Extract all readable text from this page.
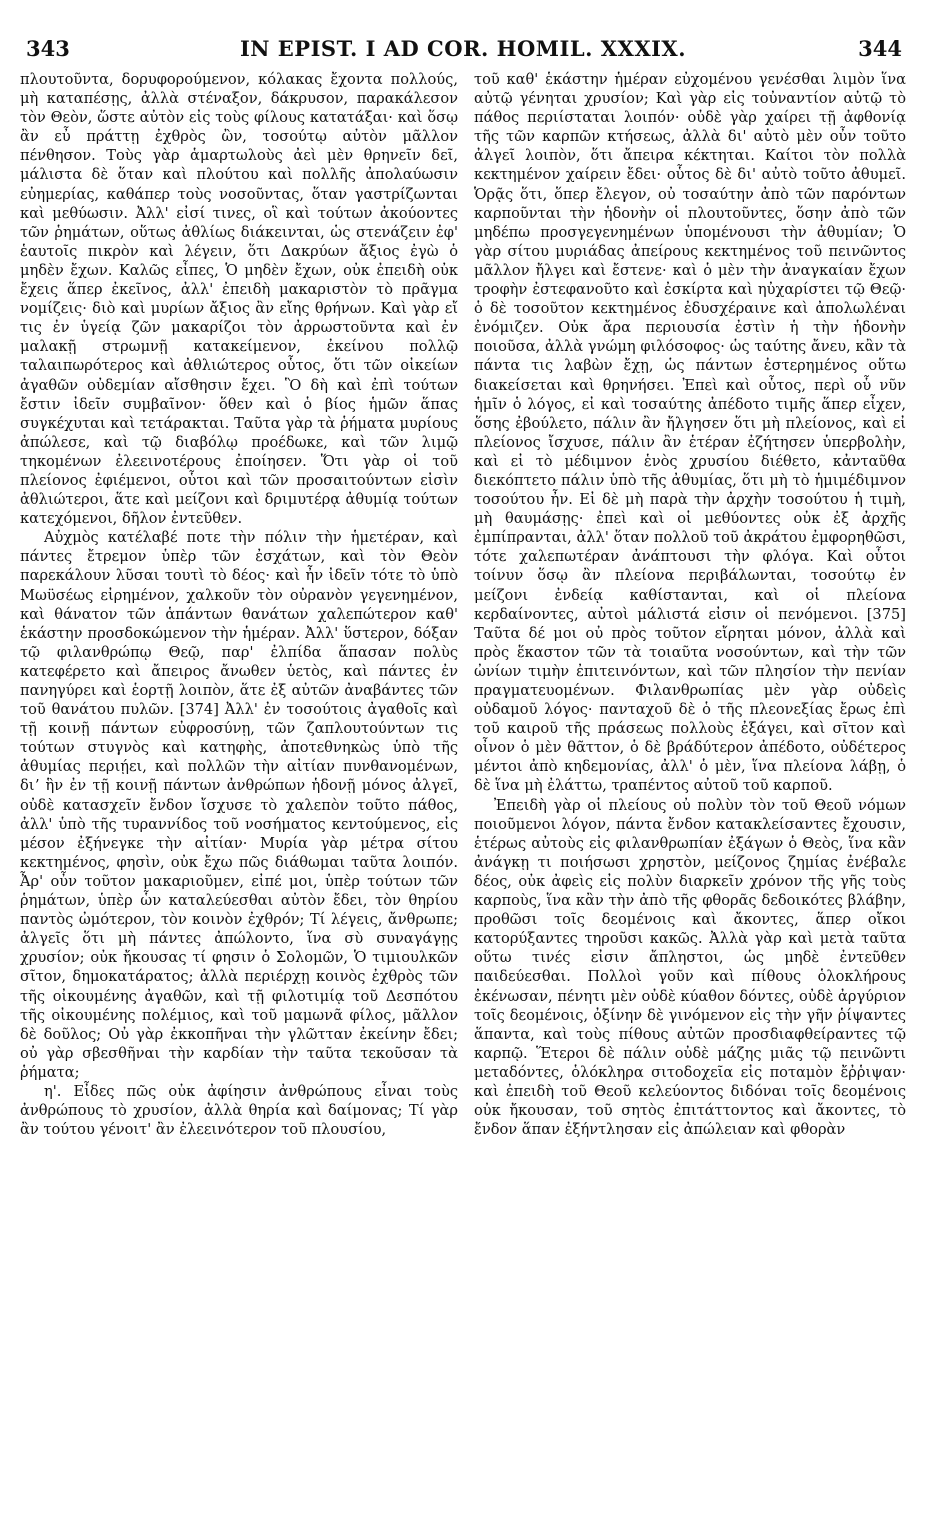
343	IN EPIST. I AD COR. HOMIL. XXXIX.	344

πλουτοῦντα, δορυφορούμενον, κόλακας ἔχοντα πολλούς, μὴ καταπέσῃς, ἀλλὰ στέναξον, δάκρυσον, παρακάλεσον τὸν Θεὸν, ὥστε αὐτὸν εἰς τοὺς φίλους κατατάξαι· καὶ ὅσῳ ἂν εὖ πράττῃ ἐχθρὸς ὢν, τοσούτῳ αὐτὸν μᾶλλον πένθησον. Τοὺς γὰρ ἁμαρτωλοὺς ἀεὶ μὲν θρηνεῖν δεῖ, μάλιστα δὲ ὅταν καὶ πλούτου καὶ πολλῆς ἀπολαύωσιν εὐημερίας, καθάπερ τοὺς νοσοῦντας, ὅταν γαστρίζωνται καὶ μεθύωσιν. Ἀλλ' εἰσί τινες, οἳ καὶ τούτων ἀκούοντες τῶν ῥημάτων, οὕτως ἀθλίως διάκεινται, ὡς στενάζειν ἐφ' ἑαυτοῖς πικρὸν καὶ λέγειν, ὅτι Δακρύων ἄξιος ἐγὼ ὁ μηδὲν ἔχων. Καλῶς εἶπες, Ὁ μηδὲν ἔχων, οὐκ ἐπειδὴ οὐκ ἔχεις ἅπερ ἐκεῖνος, ἀλλ' ἐπειδὴ μακαριστὸν τὸ πρᾶγμα νομίζεις· διὸ καὶ μυρίων ἄξιος ἂν εἴης θρήνων. Καὶ γὰρ εἴ τις ἐν ὑγείᾳ ζῶν μακαρίζοι τὸν ἀρρωστοῦντα καὶ ἐν μαλακῇ στρωμνῇ κατακείμενον, ἐκείνου πολλῷ ταλαιπωρότερος καὶ ἀθλιώτερος οὗτος, ὅτι τῶν οἰκείων ἀγαθῶν οὐδεμίαν αἴσθησιν ἔχει. Ὃ δὴ καὶ ἐπὶ τούτων ἔστιν ἰδεῖν συμβαῖνον· ὅθεν καὶ ὁ βίος ἡμῶν ἅπας συγκέχυται καὶ τετάρακται. Ταῦτα γὰρ τὰ ῥήματα μυρίους ἀπώλεσε, καὶ τῷ διαβόλῳ προέδωκε, καὶ τῶν λιμῷ τηκομένων ἐλεεινοτέρους ἐποίησεν. Ὅτι γὰρ οἱ τοῦ πλείονος ἐφιέμενοι, οὗτοι καὶ τῶν προσαιτούντων εἰσὶν ἀθλιώτεροι, ἅτε καὶ μείζονι καὶ δριμυτέρᾳ ἀθυμίᾳ τούτων κατεχόμενοι, δῆλον ἐντεῦθεν.

Αὐχμὸς κατέλαβέ ποτε τὴν πόλιν τὴν ἡμετέραν, καὶ πάντες ἔτρεμον ὑπὲρ τῶν ἐσχάτων, καὶ τὸν Θεὸν παρεκάλουν λῦσαι τουτὶ τὸ δέος· καὶ ἦν ἰδεῖν τότε τὸ ὑπὸ Μωϋσέως εἰρημένον, χαλκοῦν τὸν οὐρανὸν γεγενημένον, καὶ θάνατον τῶν ἁπάντων θανάτων χαλεπώτερον καθ' ἑκάστην προσδοκώμενον τὴν ἡμέραν. Ἀλλ' ὕστερον, δόξαν τῷ φιλανθρώπῳ Θεῷ, παρ' ἐλπίδα ἅπασαν πολὺς κατεφέρετο καὶ ἄπειρος ἄνωθεν ὑετὸς, καὶ πάντες ἐν πανηγύρει καὶ ἑορτῇ λοιπὸν, ἅτε ἐξ αὐτῶν ἀναβάντες τῶν τοῦ θανάτου πυλῶν. [374] Ἀλλ' ἐν τοσούτοις ἀγαθοῖς καὶ τῇ κοινῇ πάντων εὐφροσύνῃ, τῶν ζαπλουτούντων τις τούτων στυγνὸς καὶ κατηφὴς, ἀποτεθνηκὼς ὑπὸ τῆς ἀθυμίας περιῄει, καὶ πολλῶν τὴν αἰτίαν πυνθανομένων, διʼ ἣν ἐν τῇ κοινῇ πάντων ἀνθρώπων ἡδονῇ μόνος ἀλγεῖ, οὐδὲ κατασχεῖν ἔνδον ἴσχυσε τὸ χαλεπὸν τοῦτο πάθος, ἀλλ' ὑπὸ τῆς τυραννίδος τοῦ νοσήματος κεντούμενος, εἰς μέσον ἐξήνεγκε τὴν αἰτίαν· Μυρία γὰρ μέτρα σίτου κεκτημένος, φησὶν, οὐκ ἔχω πῶς διάθωμαι ταῦτα λοιπόν. Ἆρ' οὖν τοῦτον μακαριοῦμεν, εἰπέ μοι, ὑπὲρ τούτων τῶν ῥημάτων, ὑπὲρ ὧν καταλεύεσθαι αὐτὸν ἔδει, τὸν θηρίου παντὸς ὠμότερον, τὸν κοινὸν ἐχθρόν; Τί λέγεις, ἄνθρωπε; ἀλγεῖς ὅτι μὴ πάντες ἀπώλοντο, ἵνα σὺ συναγάγῃς χρυσίον; οὐκ ἤκουσας τί φησιν ὁ Σολομῶν, Ὁ τιμιουλκῶν σῖτον, δημοκατάρατος; ἀλλὰ περιέρχῃ κοινὸς ἐχθρὸς τῶν τῆς οἰκουμένης ἀγαθῶν, καὶ τῇ φιλοτιμίᾳ τοῦ Δεσπότου τῆς οἰκουμένης πολέμιος, καὶ τοῦ μαμωνᾶ φίλος, μᾶλλον δὲ δοῦλος; Οὐ γὰρ ἐκκοπῆναι τὴν γλῶτταν ἐκείνην ἔδει; οὐ γὰρ σβεσθῆναι τὴν καρδίαν τὴν ταῦτα τεκοῦσαν τὰ ῥήματα;

η'. Εἶδες πῶς οὐκ ἀφίησιν ἀνθρώπους εἶναι τοὺς ἀνθρώπους τὸ χρυσίον, ἀλλὰ θηρία καὶ δαίμονας; Τί γὰρ ἂν τούτου γένοιτ' ἂν ἐλεεινότερον τοῦ πλουσίου,

τοῦ καθ' ἑκάστην ἡμέραν εὐχομένου γενέσθαι λιμὸν ἵνα αὐτῷ γένηται χρυσίον; Καὶ γὰρ εἰς τοὐναντίον αὐτῷ τὸ πάθος περιίσταται λοιπόν· οὐδὲ γὰρ χαίρει τῇ ἀφθονίᾳ τῆς τῶν καρπῶν κτήσεως, ἀλλὰ δι' αὐτὸ μὲν οὖν τοῦτο ἀλγεῖ λοιπὸν, ὅτι ἄπειρα κέκτηται. Καίτοι τὸν πολλὰ κεκτημένον χαίρειν ἔδει· οὗτος δὲ δι' αὐτὸ τοῦτο ἀθυμεῖ. Ὁρᾷς ὅτι, ὅπερ ἔλεγον, οὐ τοσαύτην ἀπὸ τῶν παρόντων καρποῦνται τὴν ἡδονὴν οἱ πλουτοῦντες, ὅσην ἀπὸ τῶν μηδέπω προσγεγενημένων ὑπομένουσι τὴν ἀθυμίαν; Ὁ γὰρ σίτου μυριάδας ἀπείρους κεκτημένος τοῦ πεινῶντος μᾶλλον ἤλγει καὶ ἔστενε· καὶ ὁ μὲν τὴν ἀναγκαίαν ἔχων τροφὴν ἐστεφανοῦτο καὶ ἐσκίρτα καὶ ηὐχαρίστει τῷ Θεῷ· ὁ δὲ τοσοῦτον κεκτημένος ἐδυσχέραινε καὶ ἀπολωλέναι ἐνόμιζεν. Οὐκ ἄρα περιουσία ἐστὶν ἡ τὴν ἡδονὴν ποιοῦσα, ἀλλὰ γνώμη φιλόσοφος· ὡς ταύτης ἄνευ, κἂν τὰ πάντα τις λαβὼν ἔχῃ, ὡς πάντων ἐστερημένος οὕτω διακείσεται καὶ θρηνήσει. Ἐπεὶ καὶ οὗτος, περὶ οὗ νῦν ἡμῖν ὁ λόγος, εἰ καὶ τοσαύτης ἀπέδοτο τιμῆς ἅπερ εἶχεν, ὅσης ἐβούλετο, πάλιν ἂν ἤλγησεν ὅτι μὴ πλείονος, καὶ εἰ πλείονος ἴσχυσε, πάλιν ἂν ἑτέραν ἐζήτησεν ὑπερβολὴν, καὶ εἰ τὸ μέδιμνον ἑνὸς χρυσίου διέθετο, κἀνταῦθα διεκόπτετο πάλιν ὑπὸ τῆς ἀθυμίας, ὅτι μὴ τὸ ἡμιμέδιμνον τοσούτου ἦν. Εἰ δὲ μὴ παρὰ τὴν ἀρχὴν τοσούτου ἡ τιμὴ, μὴ θαυμάσῃς· ἐπεὶ καὶ οἱ μεθύοντες οὐκ ἐξ ἀρχῆς ἐμπίπρανται, ἀλλ' ὅταν πολλοῦ τοῦ ἀκράτου ἐμφορηθῶσι, τότε χαλεπωτέραν ἀνάπτουσι τὴν φλόγα. Καὶ οὗτοι τοίνυν ὅσῳ ἂν πλείονα περιβάλωνται, τοσούτῳ ἐν μείζονι ἐνδείᾳ καθίστανται, καὶ οἱ πλείονα κερδαίνοντες, αὐτοὶ μάλιστά εἰσιν οἱ πενόμενοι. [375] Ταῦτα δέ μοι οὐ πρὸς τοῦτον εἴρηται μόνον, ἀλλὰ καὶ πρὸς ἕκαστον τῶν τὰ τοιαῦτα νοσούντων, καὶ τὴν τῶν ὠνίων τιμὴν ἐπιτεινόντων, καὶ τῶν πλησίον τὴν πενίαν πραγματευομένων. Φιλανθρωπίας μὲν γὰρ οὐδεὶς οὐδαμοῦ λόγος· πανταχοῦ δὲ ὁ τῆς πλεονεξίας ἔρως ἐπὶ τοῦ καιροῦ τῆς πράσεως πολλοὺς ἐξάγει, καὶ σῖτον καὶ οἶνον ὁ μὲν θᾶττον, ὁ δὲ βράδύτερον ἀπέδοτο, οὐδέτερος μέντοι ἀπὸ κηδεμονίας, ἀλλ' ὁ μὲν, ἵνα πλείονα λάβῃ, ὁ δὲ ἵνα μὴ ἐλάττω, τραπέντος αὐτοῦ τοῦ καρποῦ.

Ἐπειδὴ γὰρ οἱ πλείους οὐ πολὺν τὸν τοῦ Θεοῦ νόμων ποιοῦμενοι λόγον, πάντα ἔνδον κατακλείσαντες ἔχουσιν, ἑτέρως αὐτοὺς εἰς φιλανθρωπίαν ἐξάγων ὁ Θεὸς, ἵνα κἂν ἀνάγκῃ τι ποιήσωσι χρηστὸν, μείζονος ζημίας ἐνέβαλε δέος, οὐκ ἀφεὶς εἰς πολὺν διαρκεῖν χρόνον τῆς γῆς τοὺς καρποὺς, ἵνα κἂν τὴν ἀπὸ τῆς φθορᾶς δεδοικότες βλάβην, προθῶσι τοῖς δεομένοις καὶ ἄκοντες, ἅπερ οἴκοι κατορύξαντες τηροῦσι κακῶς. Ἀλλὰ γὰρ καὶ μετὰ ταῦτα οὕτω τινές εἰσιν ἄπληστοι, ὡς μηδὲ ἐντεῦθεν παιδεύεσθαι. Πολλοὶ γοῦν καὶ πίθους ὁλοκλήρους ἐκένωσαν, πένητι μὲν οὐδὲ κύαθον δόντες, οὐδὲ ἀργύριον τοῖς δεομένοις, ὀξίνην δὲ γινόμενον εἰς τὴν γῆν ῥίψαντες ἅπαντα, καὶ τοὺς πίθους αὐτῶν προσδιαφθείραντες τῷ καρπῷ. Ἕτεροι δὲ πάλιν οὐδὲ μάζης μιᾶς τῷ πεινῶντι μεταδόντες, ὁλόκληρα σιτοδοχεῖα εἰς ποταμὸν ἔῤῥιψαν· καὶ ἐπειδὴ τοῦ Θεοῦ κελεύοντος διδόναι τοῖς δεομένοις οὐκ ἤκουσαν, τοῦ σητὸς ἐπιτάττοντος καὶ ἄκοντες, τὸ ἔνδον ἅπαν ἐξήντλησαν εἰς ἀπώλειαν καὶ φθορὰν
